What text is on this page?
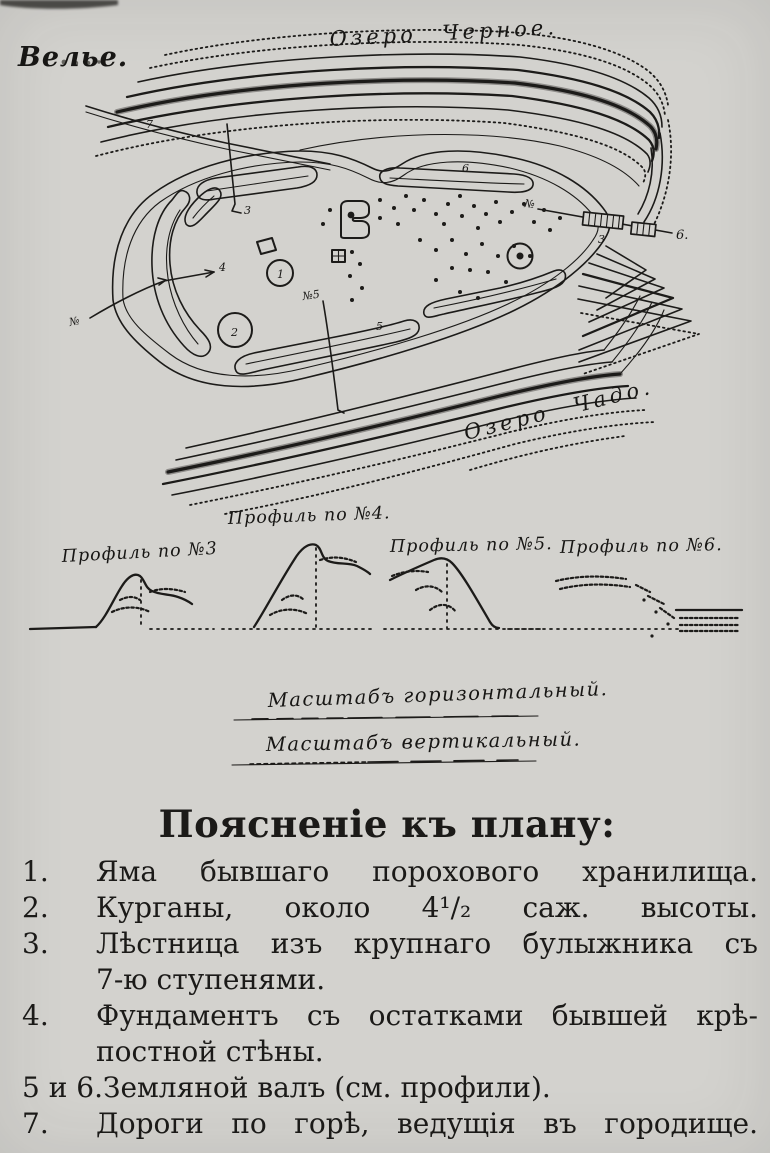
6
5
7
1
2
3
№
4
№5
№
3	6.
Велье.
Озеро Черное.
Озеро Чадо.
Профиль по №3
Профиль по №4.
Профиль по №5. Профиль по №6.
Масштабъ горизонтальный.
Масштабъ вертикальный.
Поясненіе къ плану:
1.	Яма бывшаго порохового хранилища.
2.	Курганы, около 4¹/₂ саж. высоты.
3.	Лѣстница изъ крупнаго булыжника съ
7-ю ступенями.
4.	Фундаментъ съ остатками бывшей крѣ-
постной стѣны.
5 и 6. Земляной валъ (см. профили).
7.	Дороги по горѣ, ведущія въ городище.
